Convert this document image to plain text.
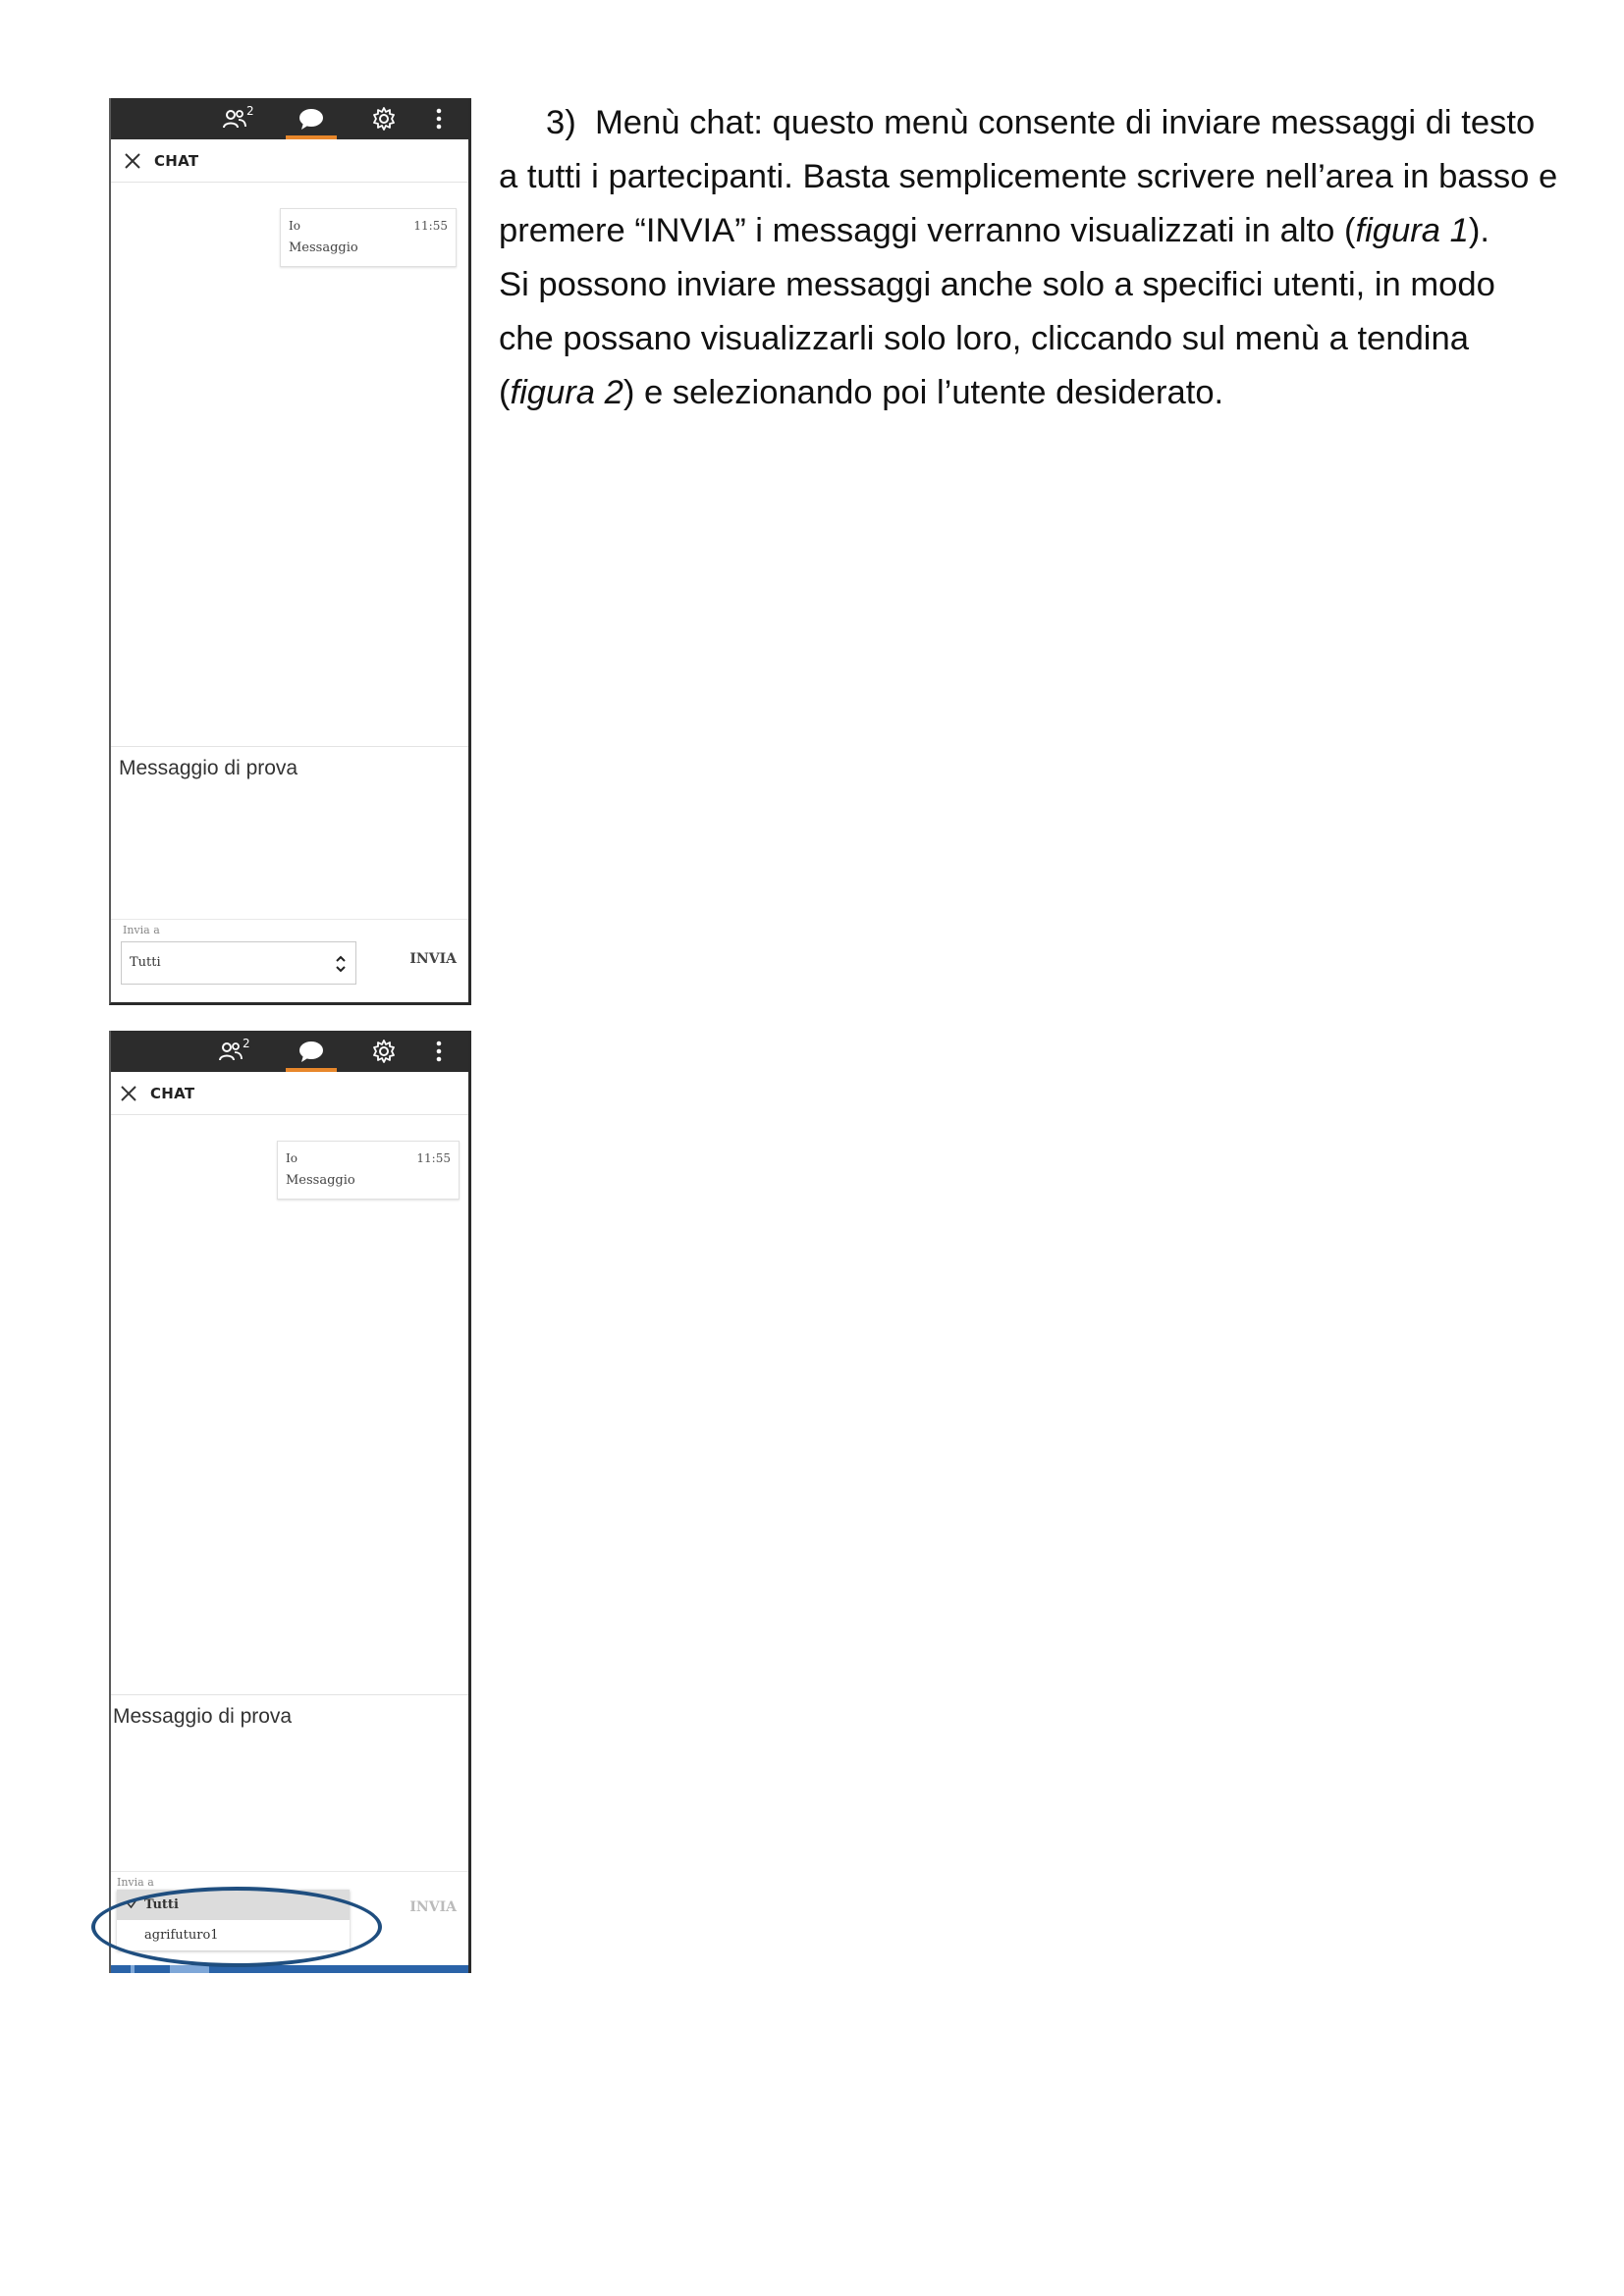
2
CHAT
Io	11:55
Messaggio
Messaggio di prova
Invia a
Tutti	INVIA
2
CHAT
Io	11:55
Messaggio
Messaggio di prova
Invia a
Tutti
agrifuturo1
INVIA

3) Menù chat: questo menù consente di inviare messaggi di testo a tutti i partecipanti. Basta semplicemente scrivere nell’area in basso e premere “INVIA” i messaggi verranno visualizzati in alto (figura 1).

Si possono inviare messaggi anche solo a specifici utenti, in modo che possano visualizzarli solo loro, cliccando sul menù a tendina (figura 2) e selezionando poi l’utente desiderato.
